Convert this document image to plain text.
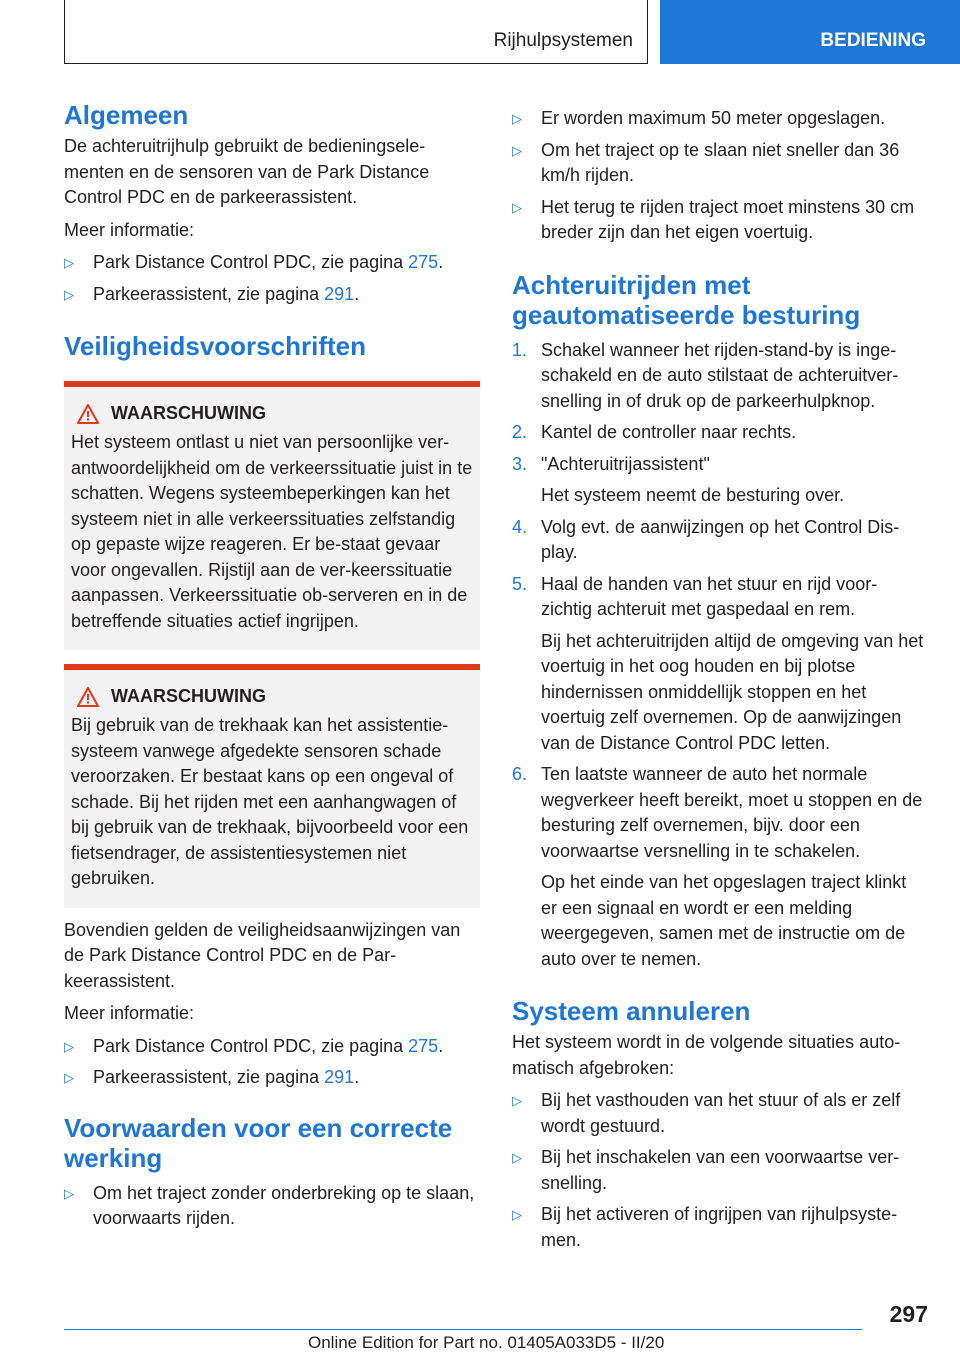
Rijhulpsystemen	BEDIENING
Algemeen

De achteruitrijhulp gebruikt de bedieningsele-menten en de sensoren van de Park Distance Control PDC en de parkeerassistent.

Meer informatie:

▷ Park Distance Control PDC, zie pagina 275.
▷ Parkeerassistent, zie pagina 291.
Veiligheidsvoorschriften
WAARSCHUWING

Het systeem ontlast u niet van persoonlijke ver-antwoordelijkheid om de verkeerssituatie juist in te schatten. Wegens systeembeperkingen kan het systeem niet in alle verkeerssituaties zelfstandig op gepaste wijze reageren. Er be-staat gevaar voor ongevallen. Rijstijl aan de ver-keerssituatie aanpassen. Verkeerssituatie ob-serveren en in de betreffende situaties actief ingrijpen.

WAARSCHUWING

Bij gebruik van de trekhaak kan het assistentie-systeem vanwege afgedekte sensoren schade veroorzaken. Er bestaat kans op een ongeval of schade. Bij het rijden met een aanhangwagen of bij gebruik van de trekhaak, bijvoorbeeld voor een fietsendrager, de assistentiesystemen niet gebruiken.

Bovendien gelden de veiligheidsaanwijzingen van de Park Distance Control PDC en de Par-keerassistent.

Meer informatie:

▷ Park Distance Control PDC, zie pagina 275.
▷ Parkeerassistent, zie pagina 291.
Voorwaarden voor een correcte werking
▷ Om het traject zonder onderbreking op te slaan, voorwaarts rijden.
▷ Er worden maximum 50 meter opgeslagen.
▷ Om het traject op te slaan niet sneller dan 36 km/h rijden.
▷ Het terug te rijden traject moet minstens 30 cm breder zijn dan het eigen voertuig.
Achteruitrijden met geautomatiseerde besturing
1. Schakel wanneer het rijden-stand-by is inge-schakeld en de auto stilstaat de achteruitver-snelling in of druk op de parkeerhulpknop.
2. Kantel de controller naar rechts.
3. "Achteruitrijassistent"
Het systeem neemt de besturing over.
4. Volg evt. de aanwijzingen op het Control Dis-play.
5. Haal de handen van het stuur en rijd voor-zichtig achteruit met gaspedaal en rem.
Bij het achteruitrijden altijd de omgeving van het voertuig in het oog houden en bij plotse hindernissen onmiddellijk stoppen en het voertuig zelf overnemen. Op de aanwijzingen van de Distance Control PDC letten.
6. Ten laatste wanneer de auto het normale wegverkeer heeft bereikt, moet u stoppen en de besturing zelf overnemen, bijv. door een voorwaartse versnelling in te schakelen.
Op het einde van het opgeslagen traject klinkt er een signaal en wordt er een melding weergegeven, samen met de instructie om de auto over te nemen.
Systeem annuleren

Het systeem wordt in de volgende situaties auto-matisch afgebroken:

▷ Bij het vasthouden van het stuur of als er zelf wordt gestuurd.
▷ Bij het inschakelen van een voorwaartse ver-snelling.
▷ Bij het activeren of ingrijpen van rijhulpsyste-men.
297
Online Edition for Part no. 01405A033D5 - II/20
